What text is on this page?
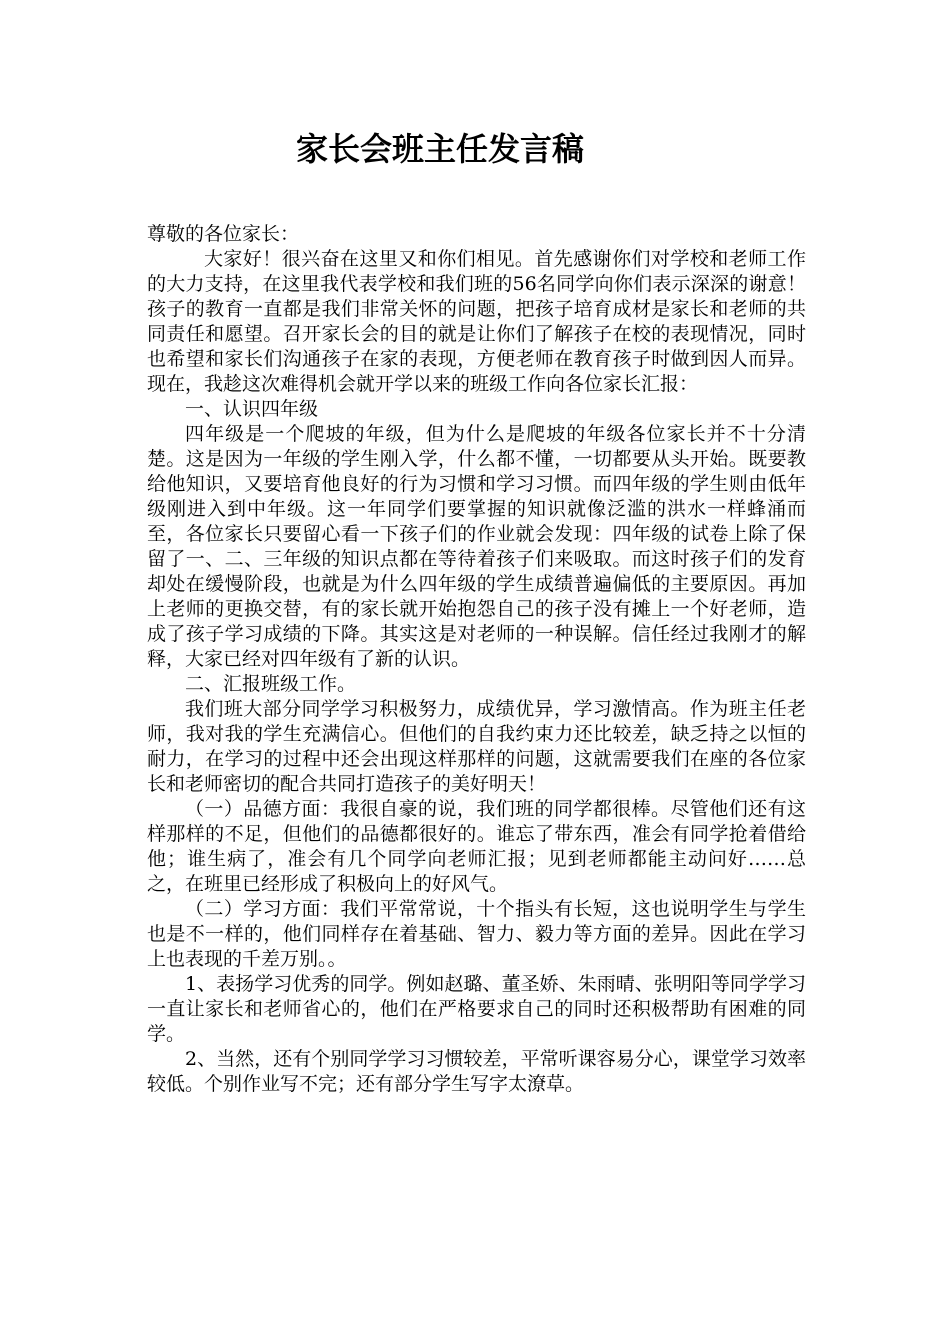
家长会班主任发言稿

尊敬的各位家长：

大家好！很兴奋在这里又和你们相见。首先感谢你们对学校和老师工作的大力支持，在这里我代表学校和我们班的56名同学向你们表示深深的谢意！孩子的教育一直都是我们非常关怀的问题，把孩子培育成材是家长和老师的共同责任和愿望。召开家长会的目的就是让你们了解孩子在校的表现情况，同时也希望和家长们沟通孩子在家的表现，方便老师在教育孩子时做到因人而异。现在，我趁这次难得机会就开学以来的班级工作向各位家长汇报：

一、认识四年级

四年级是一个爬坡的年级，但为什么是爬坡的年级各位家长并不十分清楚。这是因为一年级的学生刚入学，什么都不懂，一切都要从头开始。既要教给他知识，又要培育他良好的行为习惯和学习习惯。而四年级的学生则由低年级刚进入到中年级。这一年同学们要掌握的知识就像泛滥的洪水一样蜂涌而至，各位家长只要留心看一下孩子们的作业就会发现：四年级的试卷上除了保留了一、二、三年级的知识点都在等待着孩子们来吸取。而这时孩子们的发育却处在缓慢阶段，也就是为什么四年级的学生成绩普遍偏低的主要原因。再加上老师的更换交替，有的家长就开始抱怨自己的孩子没有摊上一个好老师，造成了孩子学习成绩的下降。其实这是对老师的一种误解。信任经过我刚才的解释，大家已经对四年级有了新的认识。

二、汇报班级工作。

我们班大部分同学学习积极努力，成绩优异，学习激情高。作为班主任老师，我对我的学生充满信心。但他们的自我约束力还比较差，缺乏持之以恒的耐力，在学习的过程中还会出现这样那样的问题，这就需要我们在座的各位家长和老师密切的配合共同打造孩子的美好明天！

（一）品德方面：我很自豪的说，我们班的同学都很棒。尽管他们还有这样那样的不足，但他们的品德都很好的。谁忘了带东西，准会有同学抢着借给他；谁生病了，准会有几个同学向老师汇报；见到老师都能主动问好……总之，在班里已经形成了积极向上的好风气。

（二）学习方面：我们平常常说，十个指头有长短，这也说明学生与学生也是不一样的，他们同样存在着基础、智力、毅力等方面的差异。因此在学习上也表现的千差万别。。

1、表扬学习优秀的同学。例如赵璐、董圣娇、朱雨晴、张明阳等同学学习一直让家长和老师省心的，他们在严格要求自己的同时还积极帮助有困难的同学。

2、当然，还有个别同学学习习惯较差，平常听课容易分心，课堂学习效率较低。个别作业写不完；还有部分学生写字太潦草。
